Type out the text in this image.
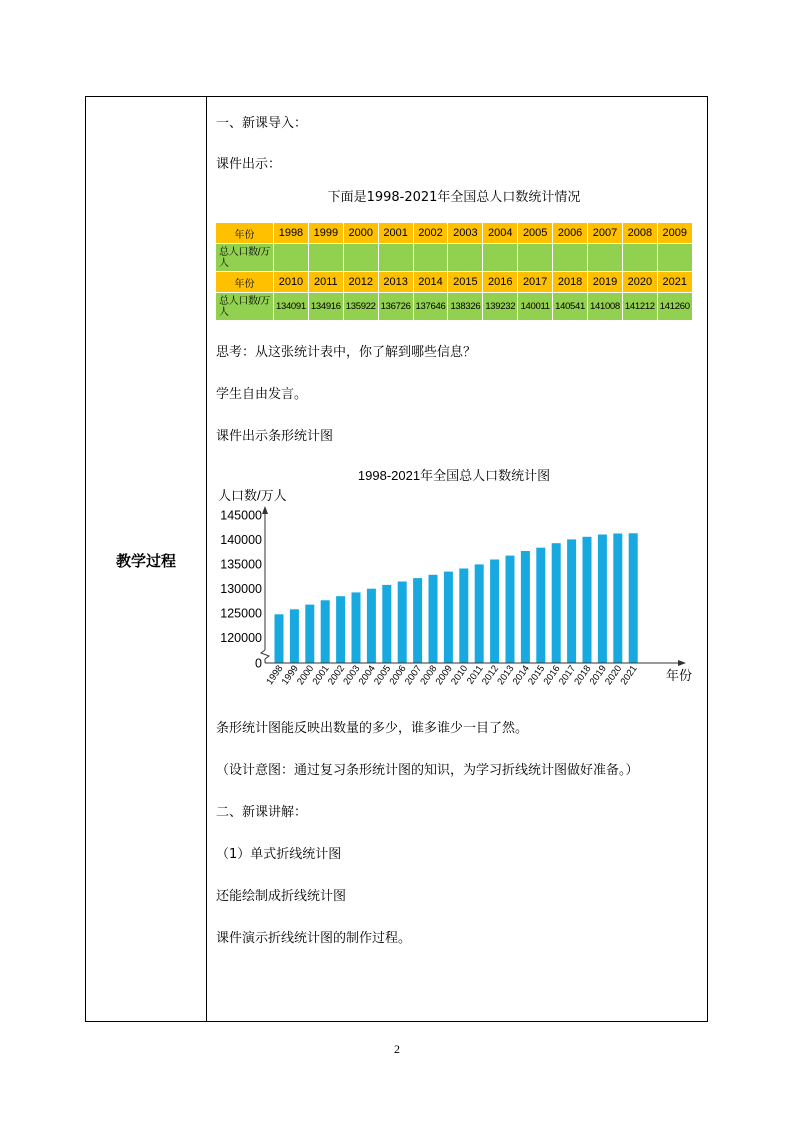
教学过程
一、新课导入：
课件出示：
下面是1998-2021年全国总人口数统计情况
年份	1998	1999	2000	2001	2002	2003	2004	2005	2006	2007	2008	2009
总人口数/万人												
年份	2010	2011	2012	2013	2014	2015	2016	2017	2018	2019	2020	2021
总人口数/万人	134091	134916	135922	136726	137646	138326	139232	140011	140541	141008	141212	141260
思考：从这张统计表中，你了解到哪些信息？
学生自由发言。
课件出示条形统计图
1998-2021年全国总人口数统计图
人口数/万人
年份
0
120000
125000
130000
135000
140000
145000
1998
1999
2000
2001
2002
2003
2004
2005
2006
2007
2008
2009
2010
2011
2012
2013
2014
2015
2016
2017
2018
2019
2020
2021
条形统计图能反映出数量的多少，谁多谁少一目了然。
（设计意图：通过复习条形统计图的知识，为学习折线统计图做好准备。）
二、新课讲解：
（1）单式折线统计图
还能绘制成折线统计图
课件演示折线统计图的制作过程。
2
